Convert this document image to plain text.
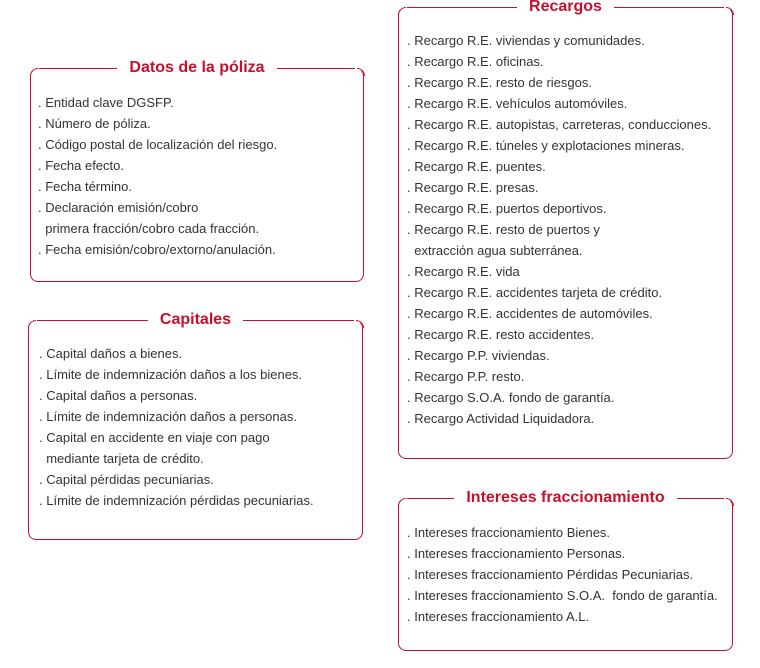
Datos de la póliza
. Entidad clave DGSFP.
. Número de póliza.
. Código postal de localización del riesgo.
. Fecha efecto.
. Fecha término.
. Declaración emisión/cobro
primera fracción/cobro cada fracción.
. Fecha emisión/cobro/extorno/anulación.
Capitales
. Capital daños a bienes.
. Límite de indemnización daños a los bienes.
. Capital daños a personas.
. Límite de indemnización daños a personas.
. Capital en accidente en viaje con pago
mediante tarjeta de crédito.
. Capital pérdidas pecuniarias.
. Límite de indemnización pérdidas pecuniarias.
Recargos
. Recargo R.E. viviendas y comunidades.
. Recargo R.E. oficinas.
. Recargo R.E. resto de riesgos.
. Recargo R.E. vehículos automóviles.
. Recargo R.E. autopistas, carreteras, conducciones.
. Recargo R.E. túneles y explotaciones mineras.
. Recargo R.E. puentes.
. Recargo R.E. presas.
. Recargo R.E. puertos deportivos.
. Recargo R.E. resto de puertos y
extracción agua subterránea.
. Recargo R.E. vida
. Recargo R.E. accidentes tarjeta de crédito.
. Recargo R.E. accidentes de automóviles.
. Recargo R.E. resto accidentes.
. Recargo P.P. viviendas.
. Recargo P.P. resto.
. Recargo S.O.A. fondo de garantía.
. Recargo Actividad Liquidadora.
Intereses fraccionamiento
. Intereses fraccionamiento Bienes.
. Intereses fraccionamiento Personas.
. Intereses fraccionamiento Pérdidas Pecuniarias.
. Intereses fraccionamiento S.O.A.  fondo de garantía.
. Intereses fraccionamiento A.L.
